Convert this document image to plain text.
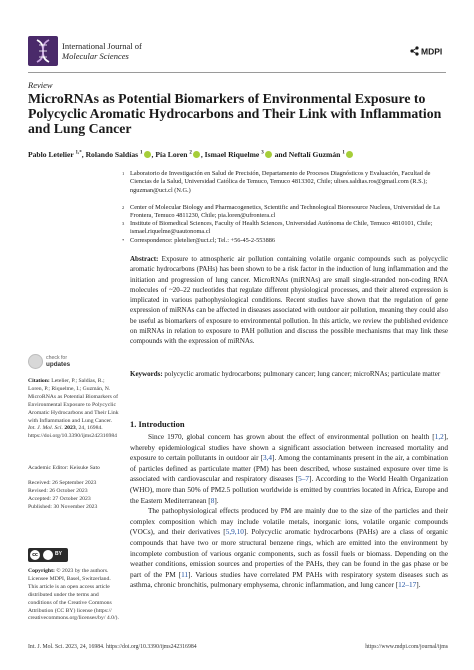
International Journal of
Molecular Sciences	MDPI
Review
MicroRNAs as Potential Biomarkers of Environmental Exposure to Polycyclic Aromatic Hydrocarbons and Their Link with Inflammation and Lung Cancer
Pablo Letelier $^{1,*}$, Rolando Saldías $^1$ , Pía Loren $^2$ , Ismael Riquelme $^3$ and Neftalí Guzmán $^1$
1 Laboratorio de Investigación en Salud de Precisión, Departamento de Procesos Diagnósticos y Evaluación, Facultad de Ciencias de la Salud, Universidad Católica de Temuco, Temuco 4813302, Chile; ulises.saldias.ros@gmail.com (R.S.); nguzman@uct.cl (N.G.)
2 Center of Molecular Biology and Pharmacogenetics, Scientific and Technological Bioresource Nucleus, Universidad de La Frontera, Temuco 4811230, Chile; pia.loren@ufrontera.cl
3 Institute of Biomedical Sciences, Faculty of Health Sciences, Universidad Autónoma de Chile, Temuco 4810101, Chile; ismael.riquelme@uautonoma.cl
* Correspondence: pletelier@uct.cl; Tel.: +56-45-2-553886
Abstract: Exposure to atmospheric air pollution containing volatile organic compounds such as polycyclic aromatic hydrocarbons (PAHs) has been shown to be a risk factor in the induction of lung inflammation and the initiation and progression of lung cancer. MicroRNAs (miRNAs) are small single-stranded non-coding RNA molecules of ~20–22 nucleotides that regulate different physiological processes, and their altered expression is implicated in various pathophysiological conditions. Recent studies have shown that the regulation of gene expression of miRNAs can be affected in diseases associated with outdoor air pollution, meaning they could also be useful as biomarkers of exposure to environmental pollution. In this article, we review the published evidence on miRNAs in relation to exposure to PAH pollution and discuss the possible mechanisms that may link these compounds with the expression of miRNAs.
Keywords: polycyclic aromatic hydrocarbons; pulmonary cancer; lung cancer; microRNAs; particulate matter
check for
updates
Citation: Letelier, P.; Saldías, R.; Loren, P.; Riquelme, I.; Guzmán, N. MicroRNAs as Potential Biomarkers of Environmental Exposure to Polycyclic Aromatic Hydrocarbons and Their Link with Inflammation and Lung Cancer. Int. J. Mol. Sci. 2023, 24, 16984. https://doi.org/10.3390/ijms242316984
Academic Editor: Keisuke Sato
Received: 26 September 2023
Revised: 26 October 2023
Accepted: 27 October 2023
Published: 30 November 2023
cc	BY
Copyright: © 2023 by the authors. Licensee MDPI, Basel, Switzerland. This article is an open access article distributed under the terms and conditions of the Creative Commons Attribution (CC BY) license (https:// creativecommons.org/licenses/by/ 4.0/).
1. Introduction

Since 1970, global concern has grown about the effect of environmental pollution on health [1,2], whereby epidemiological studies have shown a significant association between increased mortality and exposure to certain pollutants in outdoor air [3,4]. Among the contaminants present in the air, a combination of particles defined as particulate matter (PM) has been described, whose sustained exposure over time is associated with cardiovascular and respiratory diseases [5–7]. According to the World Health Organization (WHO), more than 50% of PM2.5 pollution worldwide is emitted by countries located in Africa, Europe and the Eastern Mediterranean [8].

The pathophysiological effects produced by PM are mainly due to the size of the particles and their complex composition which may include volatile metals, inorganic ions, volatile organic compounds (VOCs), and their derivatives [5,9,10]. Polycyclic aromatic hydrocarbons (PAHs) are a class of organic compounds that have two or more structural benzene rings, which are emitted into the environment by incomplete combustion of various organic components, such as fossil fuels or biomass. Depending on the weather conditions, emission sources and properties of the PAHs, they can be found in the gas phase or be part of the PM [11]. Various studies have correlated PM PAHs with respiratory system diseases such as asthma, chronic bronchitis, pulmonary emphysema, chronic inflammation, and lung cancer [12–17].

Int. J. Mol. Sci. 2023, 24, 16984. https://doi.org/10.3390/ijms242316984	https://www.mdpi.com/journal/ijms
